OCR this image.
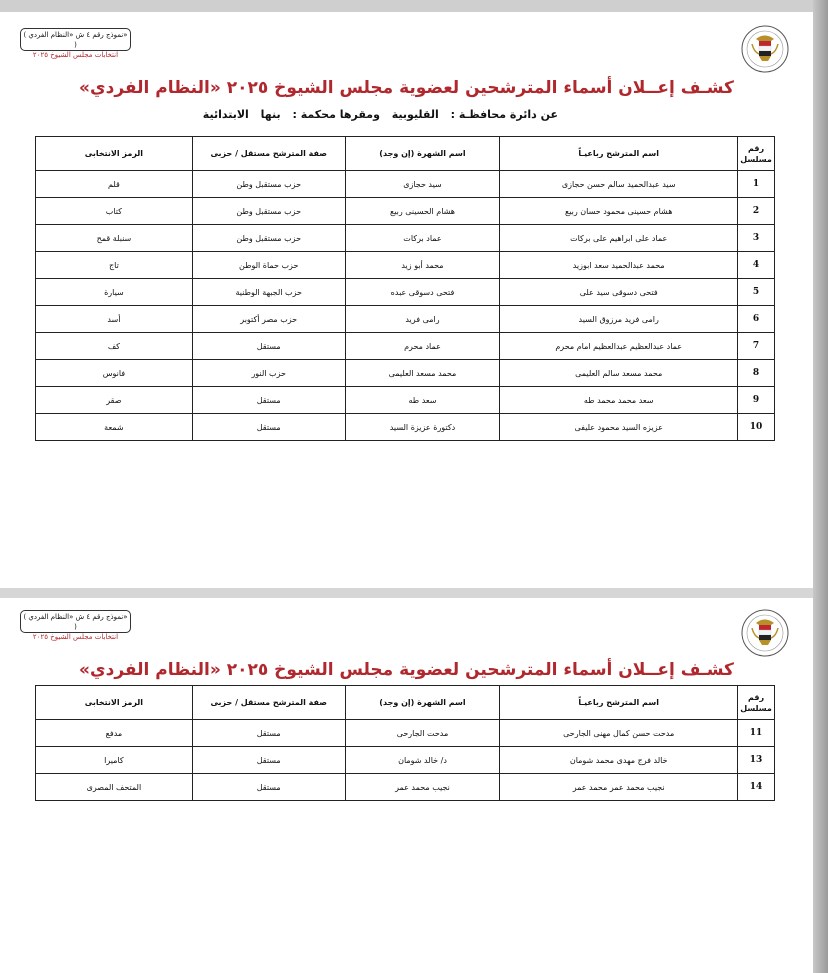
( نموذج رقم ٤ ش «النظام الفردي» )
انتخابات مجلس الشيوخ ٢٠٢٥
كشـف إعــلان أسماء المترشحين لعضوية مجلس الشيوخ ٢٠٢٥ «النظام الفردي»
عن دائرة محافظـة : القليوبية ومقرها محكمة : بنها الابتدائية
رقم مسلسل	اسم المترشح رباعيـاً	اسم الشهرة (إن وجد)	صفة المترشح مستقل / حزبى	الرمز الانتخابى
1	سيد عبدالحميد سالم حسن حجازى	سيد حجازى	حزب مستقبل وطن	قلم
2	هشام حسينى محمود حسان ربيع	هشام الحسينى ربيع	حزب مستقبل وطن	كتاب
3	عماد على ابراهيم على بركات	عماد بركات	حزب مستقبل وطن	سنبلة قمح
4	محمد عبدالحميد سعد ابوزيد	محمد أبو زيد	حزب حماة الوطن	تاج
5	فتحى دسوقى سيد على	فتحى دسوقى عبده	حزب الجبهة الوطنية	سيارة
6	رامى فريد مرزوق السيد	رامى فريد	حزب مصر أكتوبر	أسد
7	عماد عبدالعظيم عبدالعظيم امام محرم	عماد محرم	مستقل	كف
8	محمد مسعد سالم العليمى	محمد مسعد العليمى	حزب النور	فانوس
9	سعد محمد محمد طه	سعد طه	مستقل	صقر
10	عزيزه السيد محمود عليفى	دكتورة عزيزة السيد	مستقل	شمعة
( نموذج رقم ٤ ش «النظام الفردي» )
انتخابات مجلس الشيوخ ٢٠٢٥
كشـف إعــلان أسماء المترشحين لعضوية مجلس الشيوخ ٢٠٢٥ «النظام الفردي»
رقم مسلسل	اسم المترشح رباعيـاً	اسم الشهرة (إن وجد)	صفة المترشح مستقل / حزبى	الرمز الانتخابى
11	مدحت حسن كمال مهنى الجارحى	مدحت الجارحى	مستقل	مدفع
13	خالد فرج مهدى محمد شومان	د/ خالد شومان	مستقل	كاميرا
14	نجيب محمد عمر محمد عمر	نجيب محمد عمر	مستقل	المتحف المصرى
